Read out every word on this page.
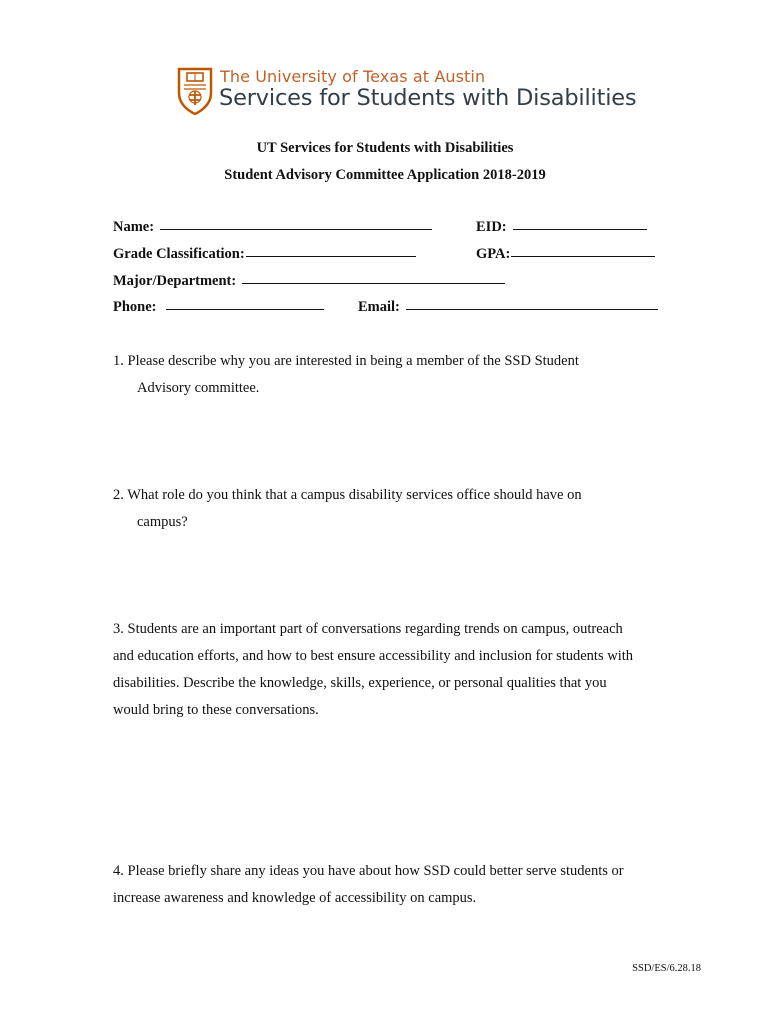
The University of Texas at Austin
Services for Students with Disabilities
UT Services for Students with Disabilities
Student Advisory Committee Application 2018-2019
Name:	EID:
Grade Classification:	GPA:
Major/Department:
Phone:	Email:
1. Please describe why you are interested in being a member of the SSD Student
Advisory committee.
2. What role do you think that a campus disability services office should have on
campus?
3. Students are an important part of conversations regarding trends on campus, outreach
and education efforts, and how to best ensure accessibility and inclusion for students with
disabilities. Describe the knowledge, skills, experience, or personal qualities that you
would bring to these conversations.
4. Please briefly share any ideas you have about how SSD could better serve students or
increase awareness and knowledge of accessibility on campus.
SSD/ES/6.28.18
